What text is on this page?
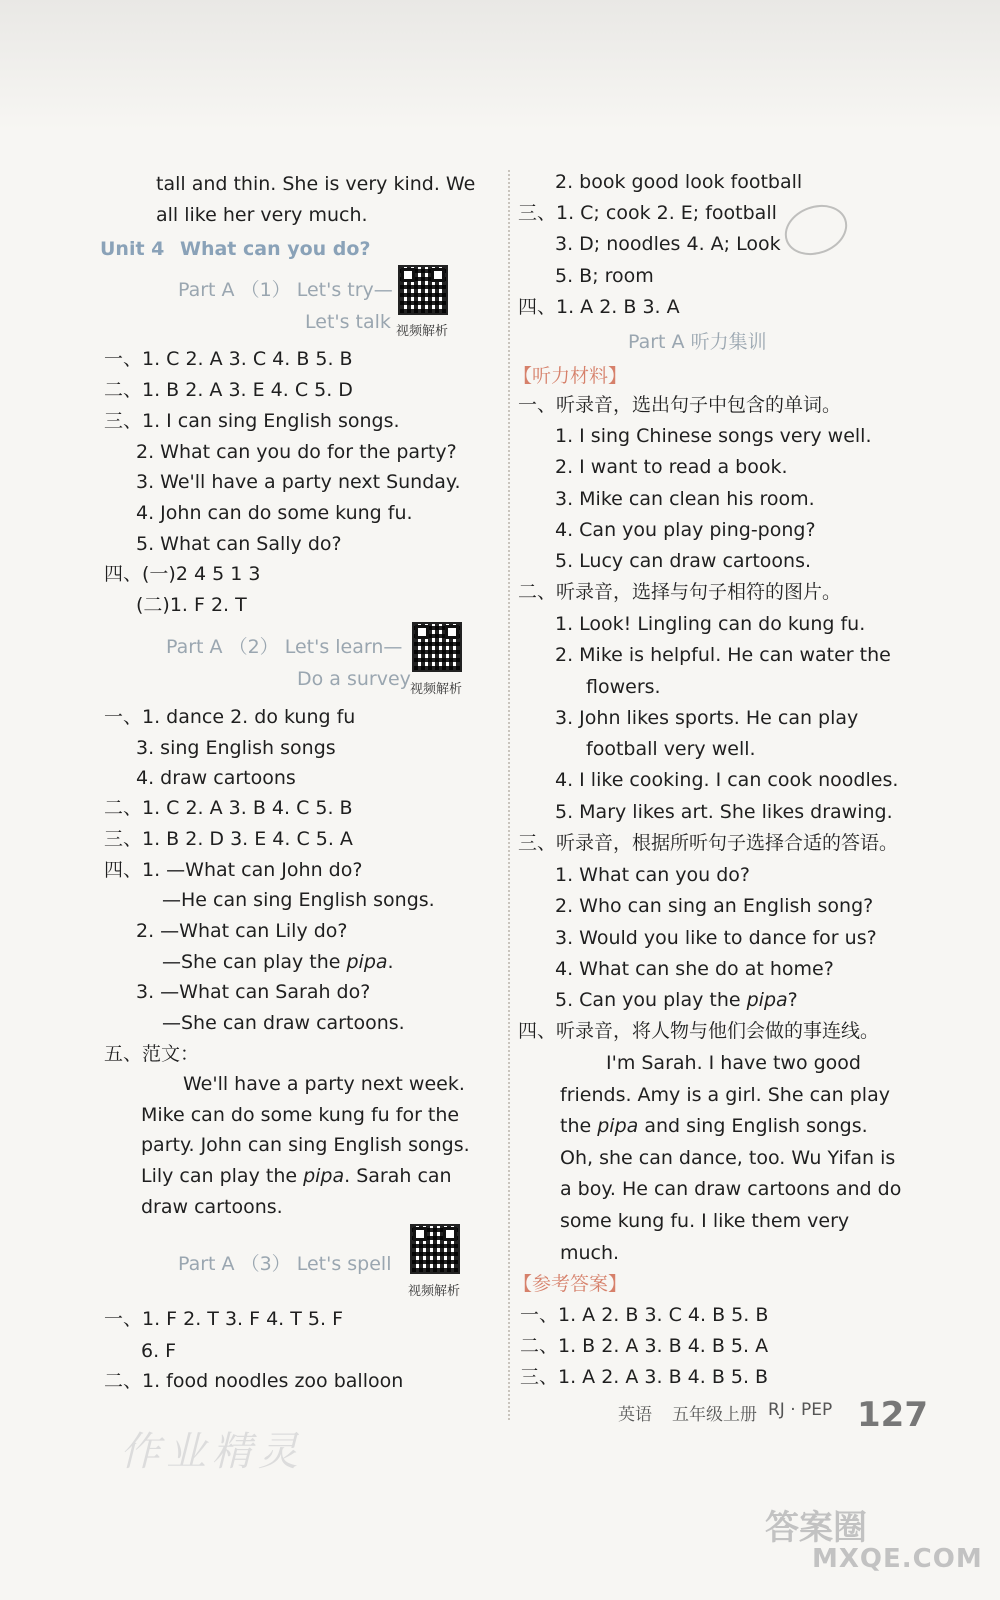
tall and thin. She is very kind. We
all like her very much.
Unit 4 What can you do?
Part A （1） Let's try—
Let's talk 视频解析
一、1. C 2. A 3. C 4. B 5. B
二、1. B 2. A 3. E 4. C 5. D
三、1. I can sing English songs.
2. What can you do for the party?
3. We'll have a party next Sunday.
4. John can do some kung fu.
5. What can Sally do?
四、(一)2 4 5 1 3
(二)1. F 2. T
Part A （2） Let's learn—
Do a survey 视频解析
一、1. dance 2. do kung fu
3. sing English songs
4. draw cartoons
二、1. C 2. A 3. B 4. C 5. B
三、1. B 2. D 3. E 4. C 5. A
四、1. —What can John do?
—He can sing English songs.
2. —What can Lily do?
—She can play the pipa.
3. —What can Sarah do?
—She can draw cartoons.
五、范文：
We'll have a party next week.
Mike can do some kung fu for the
party. John can sing English songs.
Lily can play the pipa. Sarah can
draw cartoons.
Part A （3） Let's spell
视频解析
一、1. F 2. T 3. F 4. T 5. F
6. F
二、1. food noodles zoo balloon
2. book good look football
三、1. C; cook 2. E; football
3. D; noodles 4. A; Look
5. B; room
四、1. A 2. B 3. A
Part A 听力集训
【听力材料】
一、听录音，选出句子中包含的单词。
1. I sing Chinese songs very well.
2. I want to read a book.
3. Mike can clean his room.
4. Can you play ping-pong?
5. Lucy can draw cartoons.
二、听录音，选择与句子相符的图片。
1. Look! Lingling can do kung fu.
2. Mike is helpful. He can water the
flowers.
3. John likes sports. He can play
football very well.
4. I like cooking. I can cook noodles.
5. Mary likes art. She likes drawing.
三、听录音，根据所听句子选择合适的答语。
1. What can you do?
2. Who can sing an English song?
3. Would you like to dance for us?
4. What can she do at home?
5. Can you play the pipa?
四、听录音，将人物与他们会做的事连线。
I'm Sarah. I have two good
friends. Amy is a girl. She can play
the pipa and sing English songs.
Oh, she can dance, too. Wu Yifan is
a boy. He can draw cartoons and do
some kung fu. I like them very
much.
【参考答案】
一、1. A 2. B 3. C 4. B 5. B
二、1. B 2. A 3. B 4. B 5. A
三、1. A 2. A 3. B 4. B 5. B
英语 五年级上册 RJ · PEP 127
作业精灵
答案圈
MXQE.COM
